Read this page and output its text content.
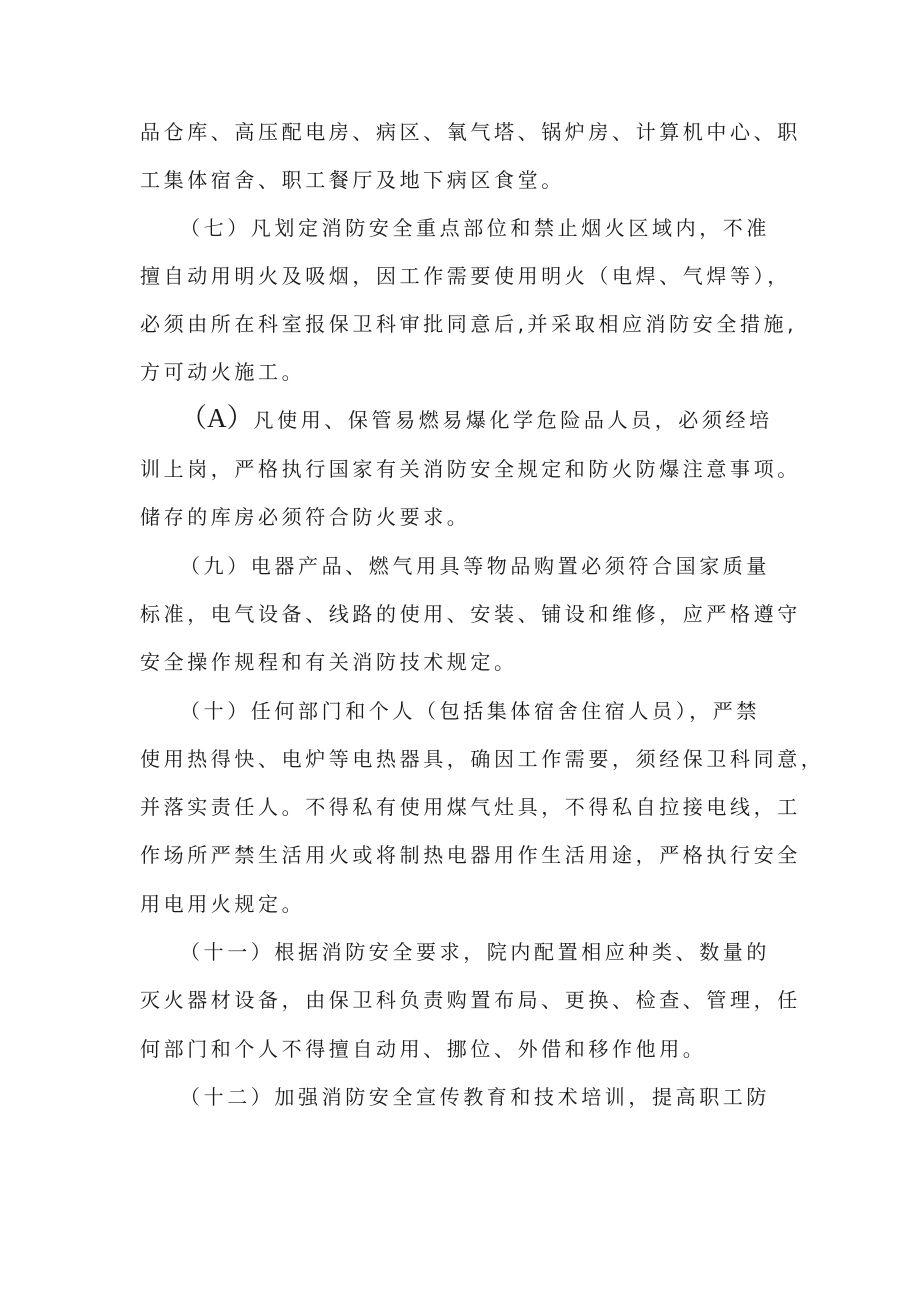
品仓库、高压配电房、病区、氧气塔、锅炉房、计算机中心、职
工集体宿舍、职工餐厅及地下病区食堂。
（七）凡划定消防安全重点部位和禁止烟火区域内，不准
擅自动用明火及吸烟，因工作需要使用明火（电焊、气焊等），
必须由所在科室报保卫科审批同意后,并采取相应消防安全措施,
方可动火施工。
（A）凡使用、保管易燃易爆化学危险品人员，必须经培
训上岗，严格执行国家有关消防安全规定和防火防爆注意事项。
储存的库房必须符合防火要求。
（九）电器产品、燃气用具等物品购置必须符合国家质量
标准，电气设备、线路的使用、安装、铺设和维修，应严格遵守
安全操作规程和有关消防技术规定。
（十）任何部门和个人（包括集体宿舍住宿人员），严禁
使用热得快、电炉等电热器具，确因工作需要，须经保卫科同意，
并落实责任人。不得私有使用煤气灶具，不得私自拉接电线，工
作场所严禁生活用火或将制热电器用作生活用途，严格执行安全
用电用火规定。
（十一）根据消防安全要求，院内配置相应种类、数量的
灭火器材设备，由保卫科负责购置布局、更换、检查、管理，任
何部门和个人不得擅自动用、挪位、外借和移作他用。
（十二）加强消防安全宣传教育和技术培训，提高职工防
